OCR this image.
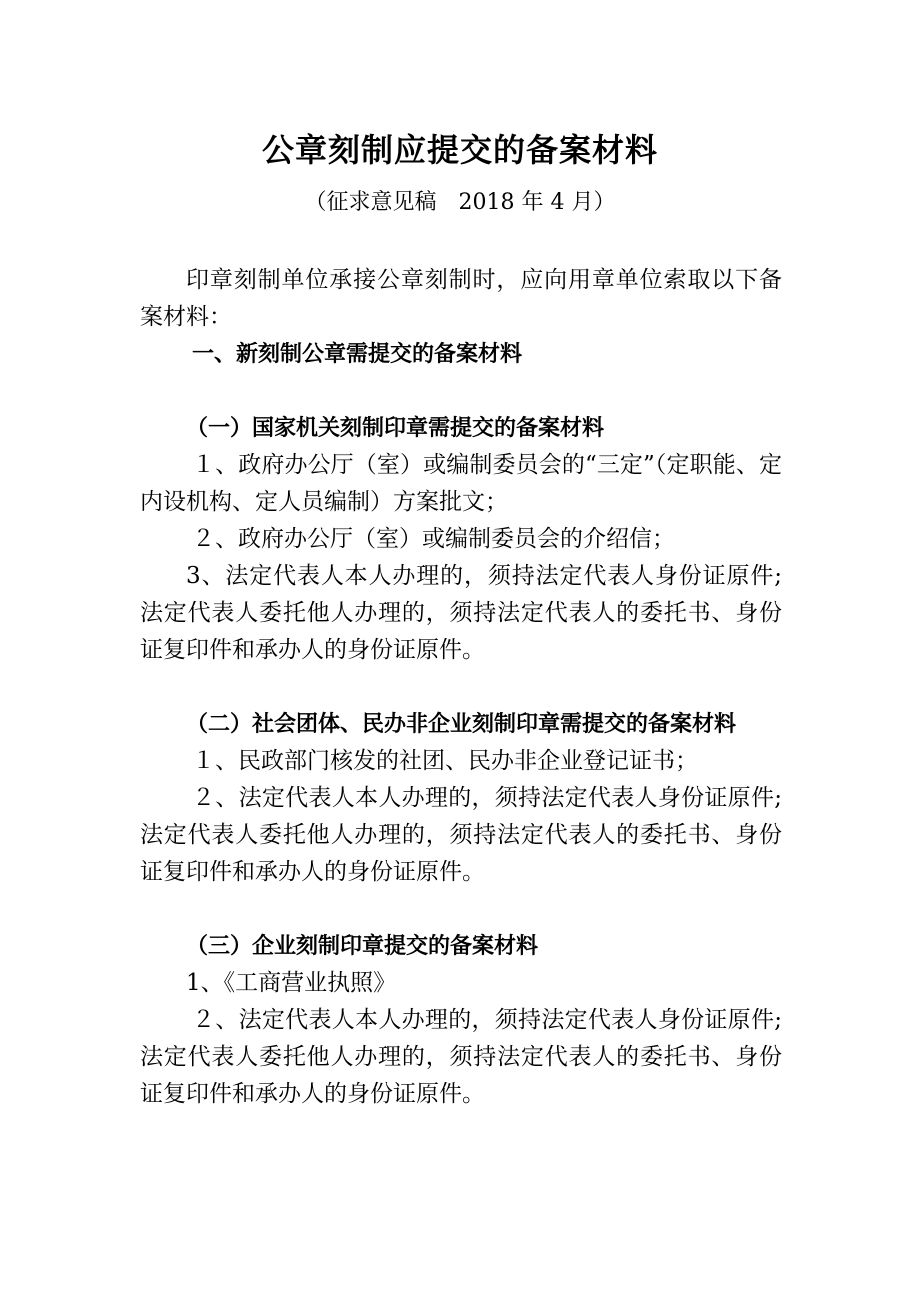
公章刻制应提交的备案材料
（征求意见稿　2018 年 4 月）

印章刻制单位承接公章刻制时，应向用章单位索取以下备案材料：

一、新刻制公章需提交的备案材料

（一）国家机关刻制印章需提交的备案材料

１、政府办公厅（室）或编制委员会的“三定”（定职能、定内设机构、定人员编制）方案批文；

２、政府办公厅（室）或编制委员会的介绍信；

3、法定代表人本人办理的，须持法定代表人身份证原件; 法定代表人委托他人办理的，须持法定代表人的委托书、身份证复印件和承办人的身份证原件。

（二）社会团体、民办非企业刻制印章需提交的备案材料

１、民政部门核发的社团、民办非企业登记证书；

２、法定代表人本人办理的，须持法定代表人身份证原件; 法定代表人委托他人办理的，须持法定代表人的委托书、身份证复印件和承办人的身份证原件。

（三）企业刻制印章提交的备案材料

1、《工商营业执照》

２、法定代表人本人办理的，须持法定代表人身份证原件; 法定代表人委托他人办理的，须持法定代表人的委托书、身份证复印件和承办人的身份证原件。
